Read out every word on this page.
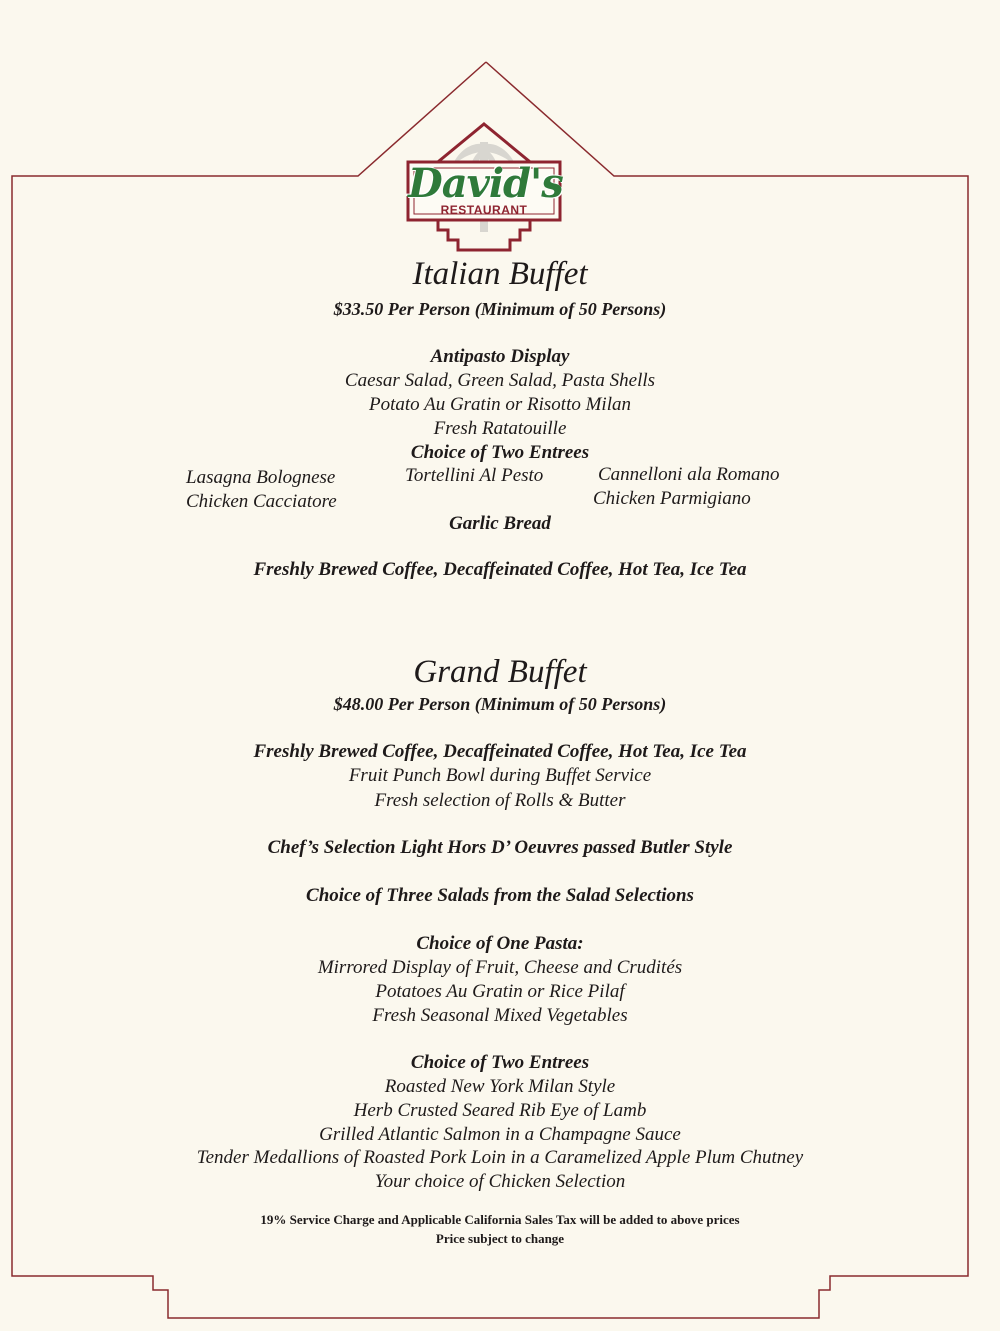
David's
RESTAURANT
Italian Buffet
$33.50 Per Person (Minimum of 50 Persons)
Antipasto Display
Caesar Salad, Green Salad, Pasta Shells
Potato Au Gratin or Risotto Milan
Fresh Ratatouille
Choice of Two Entrees
Lasagna Bolognese
Chicken Cacciatore
Tortellini Al Pesto	Cannelloni ala Romano
Chicken Parmigiano
Garlic Bread
Freshly Brewed Coffee, Decaffeinated Coffee, Hot Tea, Ice Tea
Grand Buffet
$48.00 Per Person (Minimum of 50 Persons)
Freshly Brewed Coffee, Decaffeinated Coffee, Hot Tea, Ice Tea
Fruit Punch Bowl during Buffet Service
Fresh selection of Rolls & Butter
Chef’s Selection Light Hors D’ Oeuvres passed Butler Style
Choice of Three Salads from the Salad Selections
Choice of One Pasta:
Mirrored Display of Fruit, Cheese and Crudités
Potatoes Au Gratin or Rice Pilaf
Fresh Seasonal Mixed Vegetables
Choice of Two Entrees
Roasted New York Milan Style
Herb Crusted Seared Rib Eye of Lamb
Grilled Atlantic Salmon in a Champagne Sauce
Tender Medallions of Roasted Pork Loin in a Caramelized Apple Plum Chutney
Your choice of Chicken Selection
19% Service Charge and Applicable California Sales Tax will be added to above prices
Price subject to change
